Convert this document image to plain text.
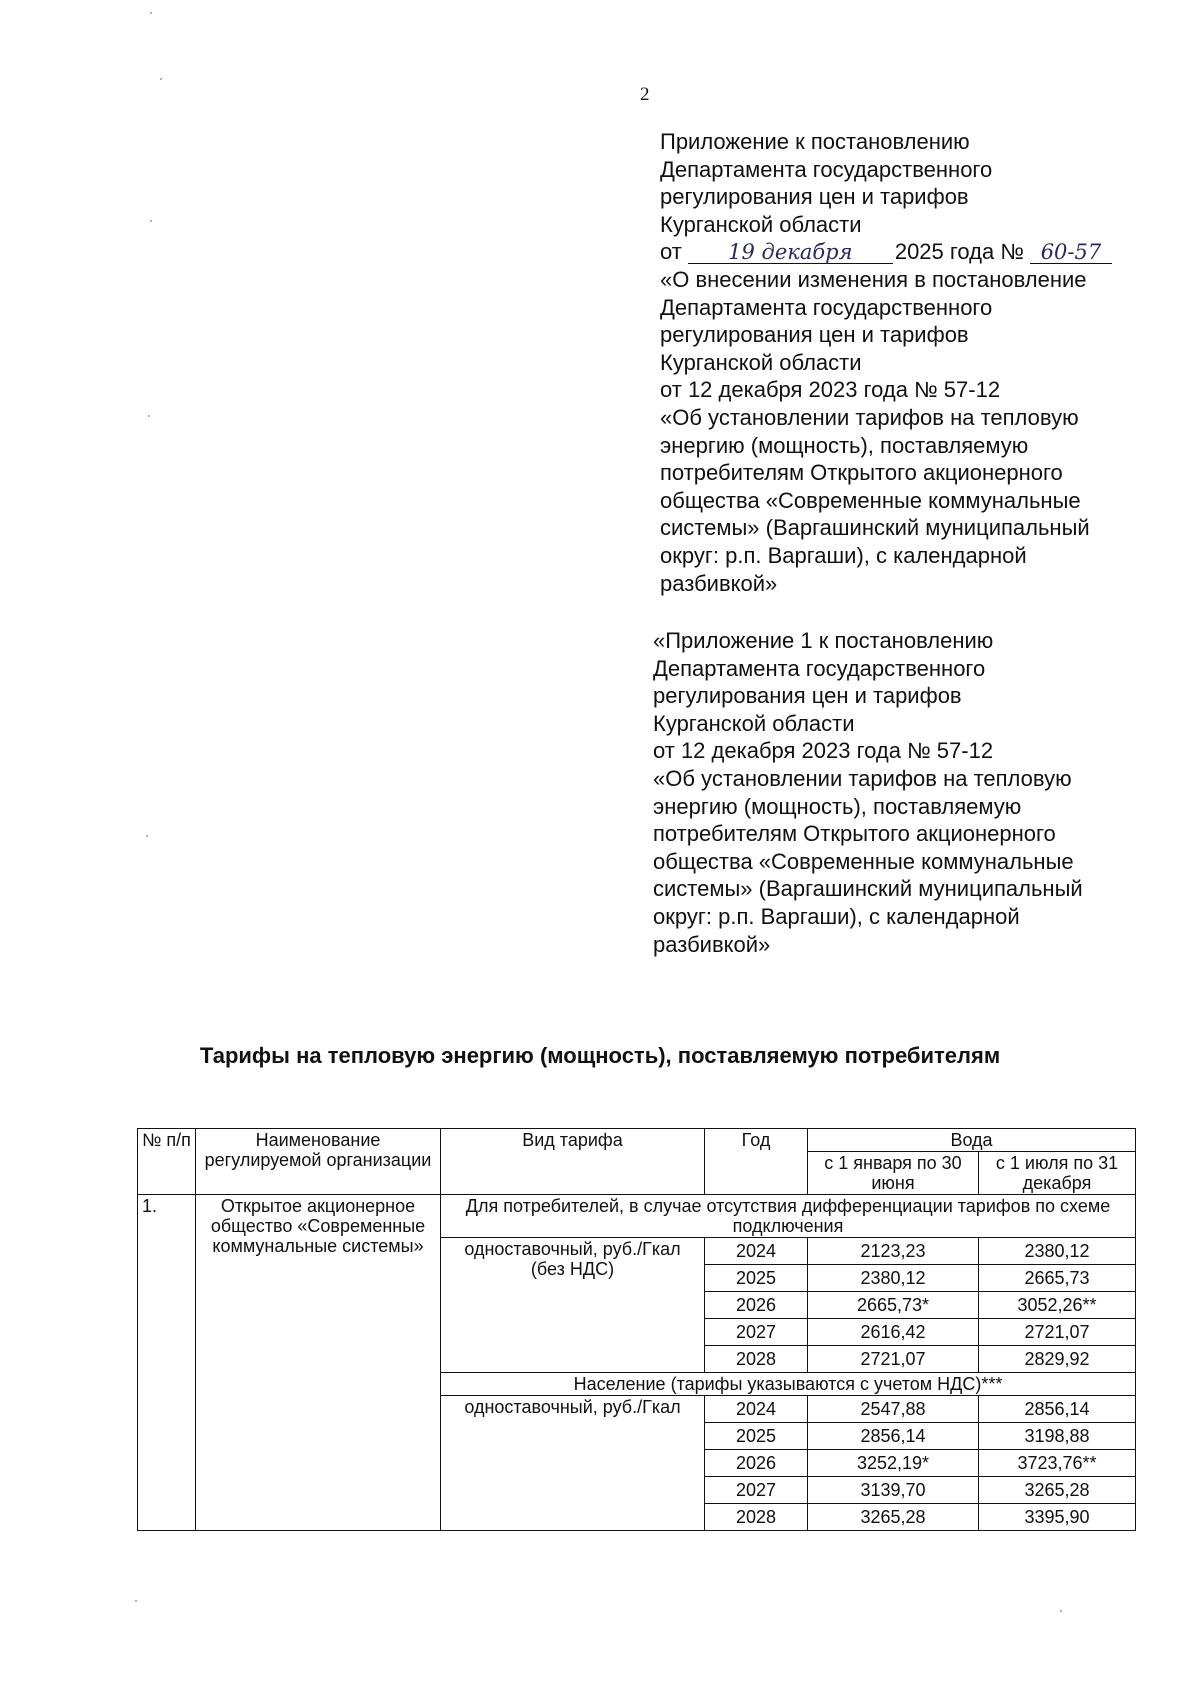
2
Приложение к постановлению
Департамента государственного
регулирования цен и тарифов
Курганской области
от 19 декабря 2025 года № 60-57
«О внесении изменения в постановление
Департамента государственного
регулирования цен и тарифов
Курганской области
от 12 декабря 2023 года № 57-12
«Об установлении тарифов на тепловую
энергию (мощность), поставляемую
потребителям Открытого акционерного
общества «Современные коммунальные
системы» (Варгашинский муниципальный
округ: р.п. Варгаши), с календарной
разбивкой»
«Приложение 1 к постановлению
Департамента государственного
регулирования цен и тарифов
Курганской области
от 12 декабря 2023 года № 57-12
«Об установлении тарифов на тепловую
энергию (мощность), поставляемую
потребителям Открытого акционерного
общества «Современные коммунальные
системы» (Варгашинский муниципальный
округ: р.п. Варгаши), с календарной
разбивкой»
Тарифы на тепловую энергию (мощность), поставляемую потребителям
№ п/п	Наименование регулируемой организации	Вид тарифа	Год	Вода	
				с 1 января по 30 июня	с 1 июля по 31 декабря
1.	Открытое акционерное общество «Современные коммунальные системы»	Для потребителей, в случае отсутствия дифференциации тарифов по схеме подключения			
		одноставочный, руб./Гкал (без НДС)	2024	2123,23	2380,12
			2025	2380,12	2665,73
			2026	2665,73*	3052,26**
			2027	2616,42	2721,07
			2028	2721,07	2829,92
		Население (тарифы указываются с учетом НДС)***			
		одноставочный, руб./Гкал	2024	2547,88	2856,14
			2025	2856,14	3198,88
			2026	3252,19*	3723,76**
			2027	3139,70	3265,28
			2028	3265,28	3395,90
